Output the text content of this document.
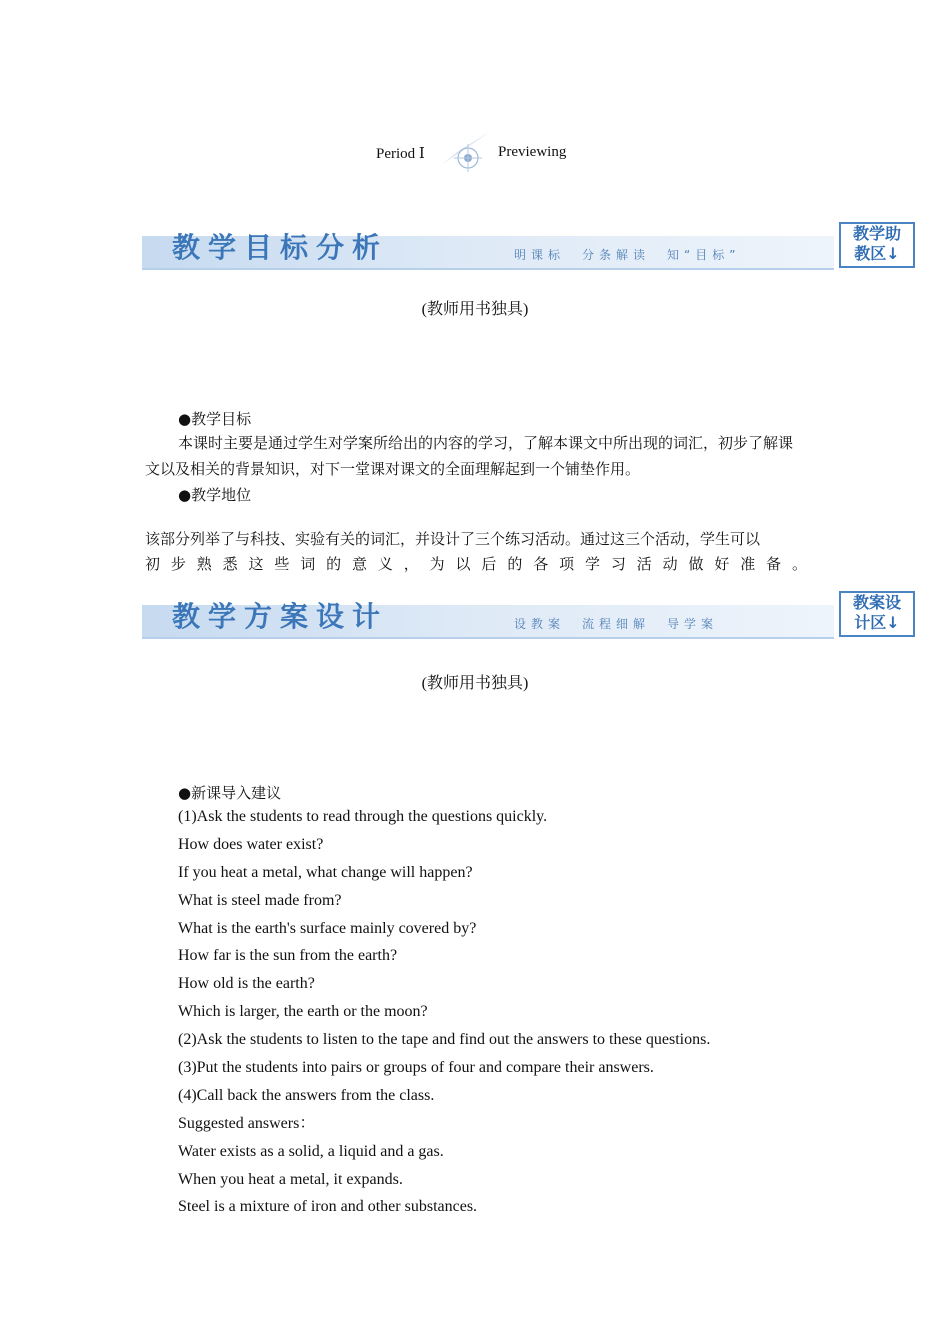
Period Ⅰ	Previewing
教学目标分析	明课标　分条解读　知“目标”
教学助
教区↓
(教师用书独具)
●教学目标
本课时主要是通过学生对学案所给出的内容的学习，了解本课文中所出现的词汇，初步了解课文以及相关的背景知识，对下一堂课对课文的全面理解起到一个铺垫作用。
●教学地位
该部分列举了与科技、实验有关的词汇，并设计了三个练习活动。通过这三个活动，学生可以
初步熟悉这些词的意义，为以后的各项学习活动做好准备。
教学方案设计	设教案　流程细解　导学案
教案设
计区↓
(教师用书独具)
●新课导入建议
(1)Ask the students to read through the questions quickly.
How does water exist?
If you heat a metal, what change will happen?
What is steel made from?
What is the earth's surface mainly covered by?
How far is the sun from the earth?
How old is the earth?
Which is larger, the earth or the moon?
(2)Ask the students to listen to the tape and find out the answers to these questions.
(3)Put the students into pairs or groups of four and compare their answers.
(4)Call back the answers from the class.
Suggested answers：
Water exists as a solid, a liquid and a gas.
When you heat a metal, it expands.
Steel is a mixture of iron and other substances.
